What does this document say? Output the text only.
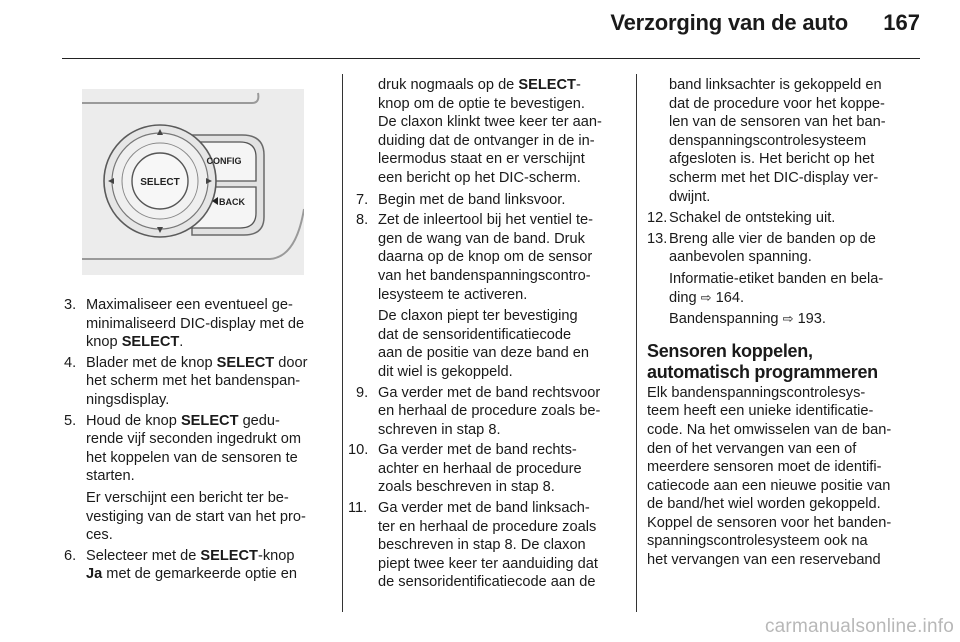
Verzorging van de auto 167
SELECT
CONFIG
BACK
3. Maximaliseer een eventueel ge-
minimaliseerd DIC-display met de
knop SELECT.
4. Blader met de knop SELECT door
het scherm met het bandenspan-
ningsdisplay.
5. Houd de knop SELECT gedu-
rende vijf seconden ingedrukt om
het koppelen van de sensoren te
starten.
Er verschijnt een bericht ter be-
vestiging van de start van het pro-
ces.
6. Selecteer met de SELECT-knop
Ja met de gemarkeerde optie en
druk nogmaals op de SELECT-
knop om de optie te bevestigen.
De claxon klinkt twee keer ter aan-
duiding dat de ontvanger in de in-
leermodus staat en er verschijnt
een bericht op het DIC-scherm.
7. Begin met de band linksvoor.
8. Zet de inleertool bij het ventiel te-
gen de wang van de band. Druk
daarna op de knop om de sensor
van het bandenspanningscontro-
lesysteem te activeren.
De claxon piept ter bevestiging
dat de sensoridentificatiecode
aan de positie van deze band en
dit wiel is gekoppeld.
9. Ga verder met de band rechtsvoor
en herhaal de procedure zoals be-
schreven in stap 8.
10. Ga verder met de band rechts-
achter en herhaal de procedure
zoals beschreven in stap 8.
11. Ga verder met de band linksach-
ter en herhaal de procedure zoals
beschreven in stap 8. De claxon
piept twee keer ter aanduiding dat
de sensoridentificatiecode aan de
band linksachter is gekoppeld en
dat de procedure voor het koppe-
len van de sensoren van het ban-
denspanningscontrolesysteem
afgesloten is. Het bericht op het
scherm met het DIC-display ver-
dwijnt.
12. Schakel de ontsteking uit.
13. Breng alle vier de banden op de
aanbevolen spanning.
Informatie-etiket banden en bela-
ding ⇨ 164.
Bandenspanning ⇨ 193.
Sensoren koppelen,
automatisch programmeren
Elk bandenspanningscontrolesys-
teem heeft een unieke identificatie-
code. Na het omwisselen van de ban-
den of het vervangen van een of
meerdere sensoren moet de identifi-
catiecode aan een nieuwe positie van
de band/het wiel worden gekoppeld.
Koppel de sensoren voor het banden-
spanningscontrolesysteem ook na
het vervangen van een reserveband
carmanualsonline.info
